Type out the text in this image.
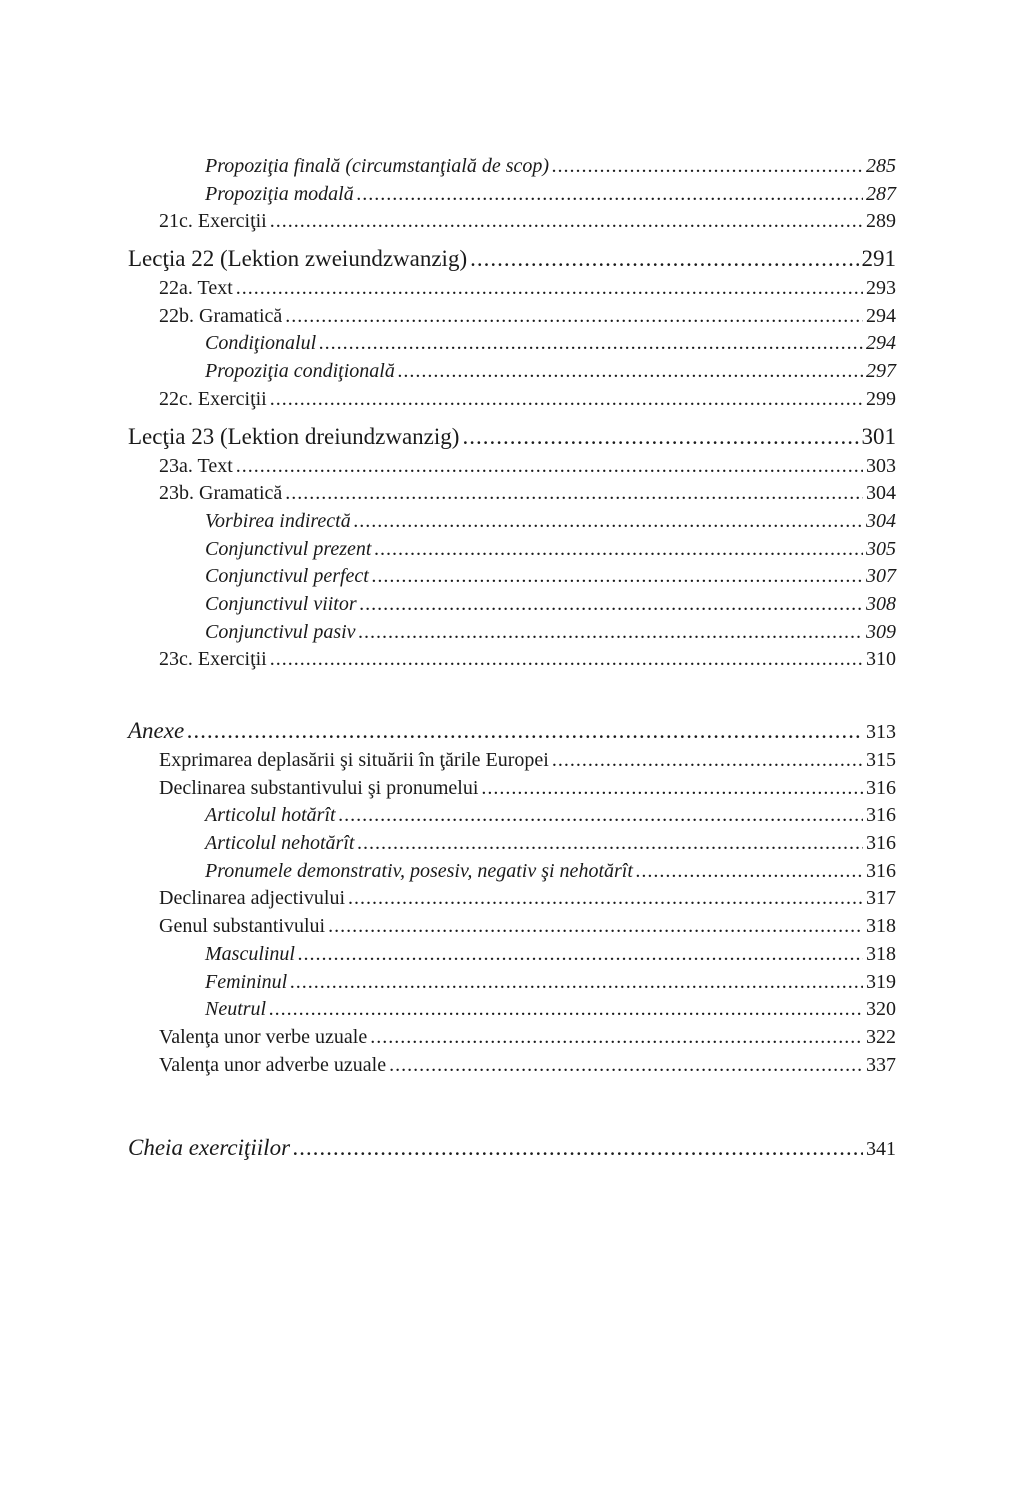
Propoziţia finală (circumstanţială de scop) .....	285
Propoziţia modală .....	287
21c. Exerciţii .....	289
Lecţia 22 (Lektion zweiundzwanzig) .....	291
22a. Text .....	293
22b. Gramatică .....	294
Condiţionalul .....	294
Propoziţia condiţională .....	297
22c. Exerciţii .....	299
Lecţia 23 (Lektion dreiundzwanzig) .....	301
23a. Text .....	303
23b. Gramatică .....	304
Vorbirea indirectă .....	304
Conjunctivul prezent .....	305
Conjunctivul perfect .....	307
Conjunctivul viitor .....	308
Conjunctivul pasiv .....	309
23c. Exerciţii .....	310
Anexe .....	313
Exprimarea deplasării şi situării în ţările Europei .....	315
Declinarea substantivului şi pronumelui .....	316
Articolul hotărît .....	316
Articolul nehotărît .....	316
Pronumele demonstrativ, posesiv, negativ şi nehotărît .....	316
Declinarea adjectivului .....	317
Genul substantivului .....	318
Masculinul .....	318
Femininul .....	319
Neutrul .....	320
Valenţa unor verbe uzuale .....	322
Valenţa unor adverbe uzuale .....	337
Cheia exerciţiilor .....	341
